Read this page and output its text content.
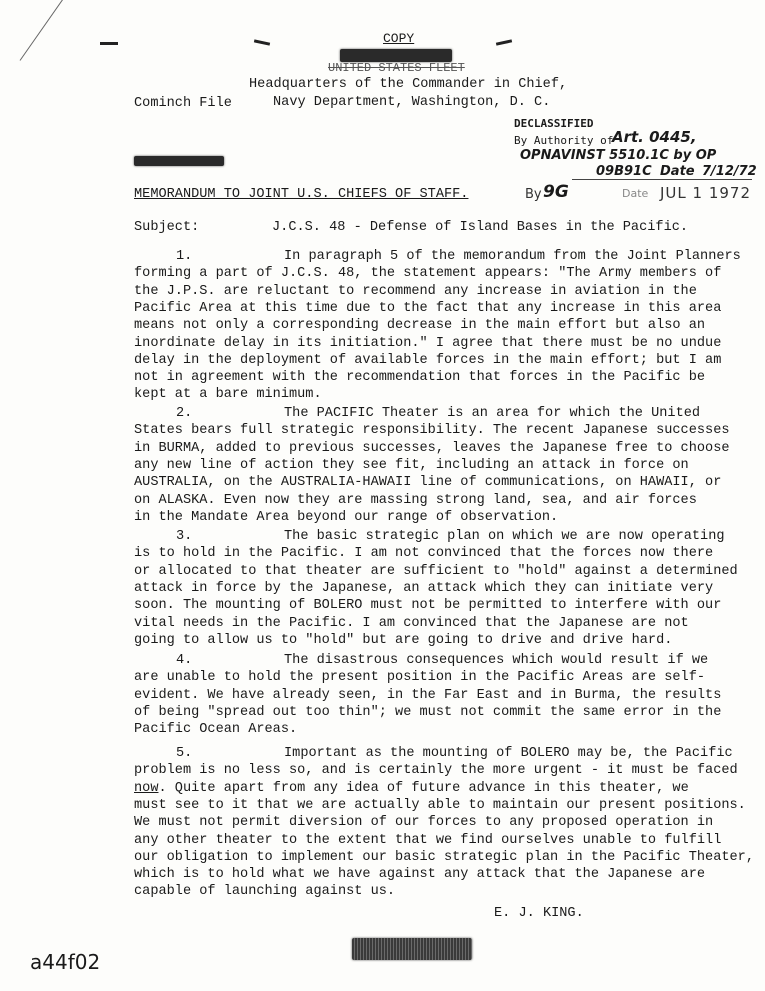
COPY
UNITED STATES FLEET
Headquarters of the Commander in Chief,
Navy Department, Washington, D. C.
Cominch File
DECLASSIFIED
By Authority of
Art. 0445,
OPNAVINST 5510.1C by OP
09B91C Date 7/12/72
By 9G	Date JUL 1 1972
MEMORANDUM TO JOINT U.S. CHIEFS OF STAFF.
Subject:	J.C.S. 48 - Defense of Island Bases in the Pacific.
1.	In paragraph 5 of the memorandum from the Joint Planners
forming a part of J.C.S. 48, the statement appears: "The Army members of
the J.P.S. are reluctant to recommend any increase in aviation in the
Pacific Area at this time due to the fact that any increase in this area
means not only a corresponding decrease in the main effort but also an
inordinate delay in its initiation." I agree that there must be no undue
delay in the deployment of available forces in the main effort; but I am
not in agreement with the recommendation that forces in the Pacific be
kept at a bare minimum.
2.	The PACIFIC Theater is an area for which the United
States bears full strategic responsibility. The recent Japanese successes
in BURMA, added to previous successes, leaves the Japanese free to choose
any new line of action they see fit, including an attack in force on
AUSTRALIA, on the AUSTRALIA-HAWAII line of communications, on HAWAII, or
on ALASKA. Even now they are massing strong land, sea, and air forces
in the Mandate Area beyond our range of observation.
3.	The basic strategic plan on which we are now operating
is to hold in the Pacific. I am not convinced that the forces now there
or allocated to that theater are sufficient to "hold" against a determined
attack in force by the Japanese, an attack which they can initiate very
soon. The mounting of BOLERO must not be permitted to interfere with our
vital needs in the Pacific. I am convinced that the Japanese are not
going to allow us to "hold" but are going to drive and drive hard.
4.	The disastrous consequences which would result if we
are unable to hold the present position in the Pacific Areas are self-
evident. We have already seen, in the Far East and in Burma, the results
of being "spread out too thin"; we must not commit the same error in the
Pacific Ocean Areas.
5.	Important as the mounting of BOLERO may be, the Pacific
problem is no less so, and is certainly the more urgent - it must be faced
now. Quite apart from any idea of future advance in this theater, we
must see to it that we are actually able to maintain our present positions.
We must not permit diversion of our forces to any proposed operation in
any other theater to the extent that we find ourselves unable to fulfill
our obligation to implement our basic strategic plan in the Pacific Theater,
which is to hold what we have against any attack that the Japanese are
capable of launching against us.
E. J. KING.
a44f02
